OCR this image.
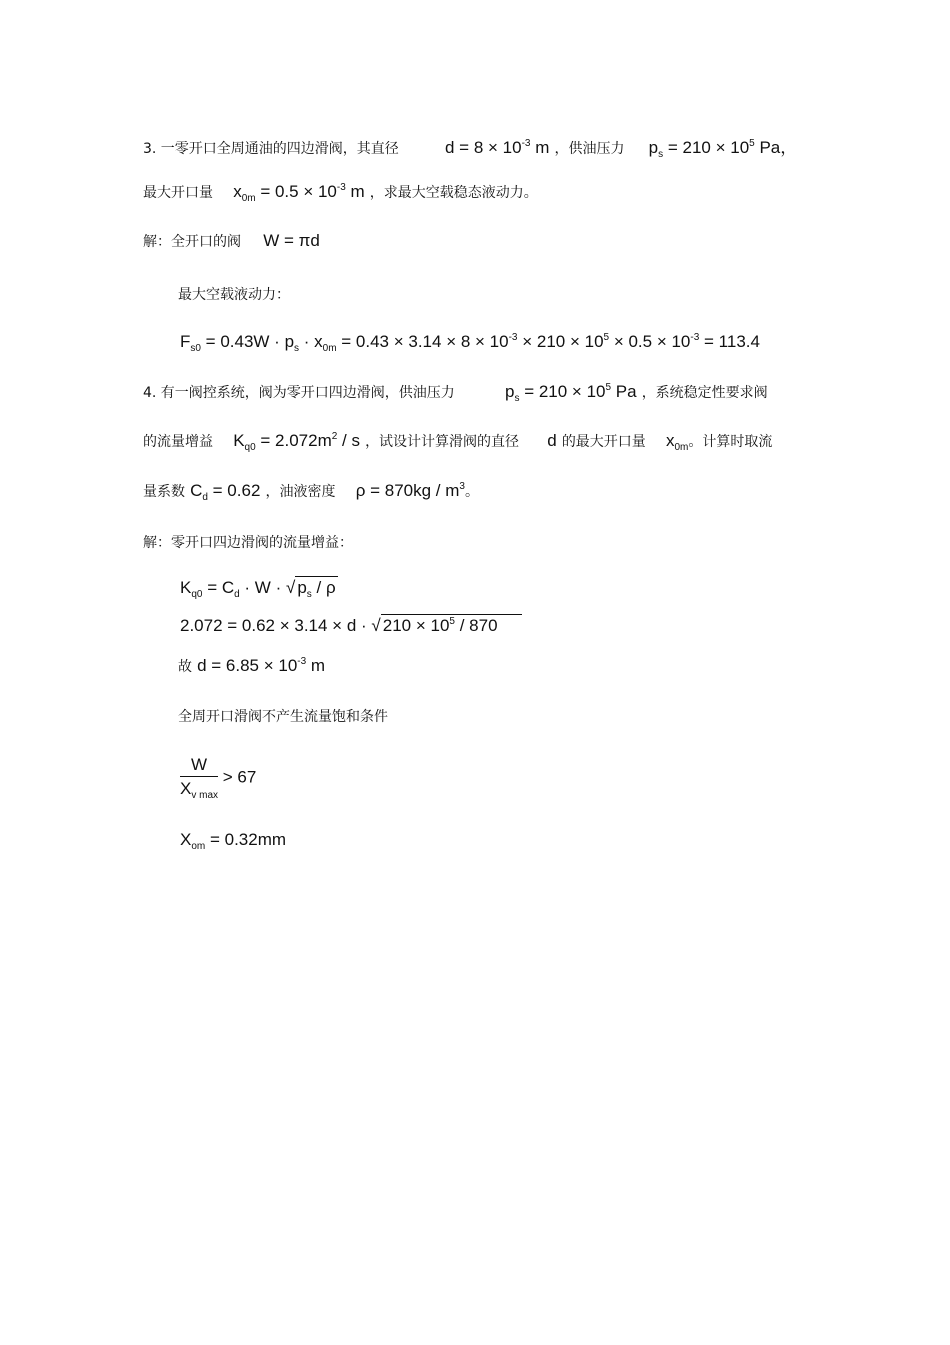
3. 一零开口全周通油的四边滑阀，其直径	$d = 8 \times 10^{-3}$ m ，供油压力 $p_s = 210 \times 10^5$ Pa，
最大开口量 $x_{0m} = 0.5 \times 10^{-3}$ m ，求最大空载稳态液动力。
解：全开口的阀 W = πd
最大空载液动力：
$F_{s0} = 0.43W \cdot p_s \cdot x_{0m} = 0.43 \times 3.14 \times 8 \times 10^{-3} \times 210 \times 10^5 \times 0.5 \times 10^{-3} = 113.4$
4. 有一阀控系统，阀为零开口四边滑阀，供油压力	$p_s = 210 \times 10^5$ Pa ，系统稳定性要求阀
的流量增益 $K_{q0} = 2.072m^2 / s$ ，试设计计算滑阀的直径 d 的最大开口量 $x_{0m}$。计算时取流
量系数 $C_d = 0.62$ ，油液密度 $\rho = 870kg / m^3$。
解：零开口四边滑阀的流量增益：
$K_{q0} = C_d \cdot W$ · √ $p_s$ / ρ
2.072 = 0.62 × 3.14 × d · √ $210 \times 10^5 / 870$
故 $d = 6.85 \times 10^{-3}$ m
全周开口滑阀不产生流量饱和条件
$\frac{W}{X_{v max}} > 67$
$X_{om} = 0.32mm$
